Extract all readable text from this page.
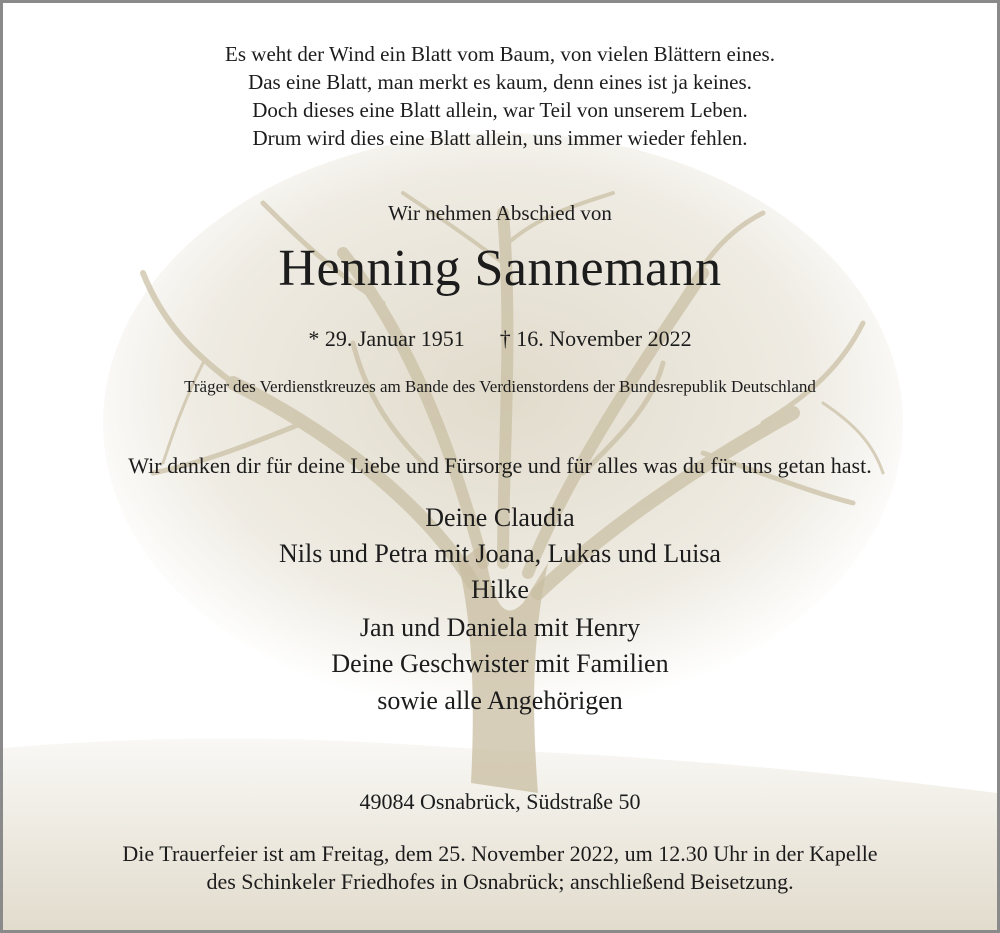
Es weht der Wind ein Blatt vom Baum, von vielen Blättern eines.
Das eine Blatt, man merkt es kaum, denn eines ist ja keines.
Doch dieses eine Blatt allein, war Teil von unserem Leben.
Drum wird dies eine Blatt allein, uns immer wieder fehlen.
Wir nehmen Abschied von
Henning Sannemann
* 29. Januar 1951 † 16. November 2022
Träger des Verdienstkreuzes am Bande des Verdienstordens der Bundesrepublik Deutschland
Wir danken dir für deine Liebe und Fürsorge und für alles was du für uns getan hast.
Deine Claudia
Nils und Petra mit Joana, Lukas und Luisa
Hilke
Jan und Daniela mit Henry
Deine Geschwister mit Familien
sowie alle Angehörigen
49084 Osnabrück, Südstraße 50
Die Trauerfeier ist am Freitag, dem 25. November 2022, um 12.30 Uhr in der Kapelle
des Schinkeler Friedhofes in Osnabrück; anschließend Beisetzung.
